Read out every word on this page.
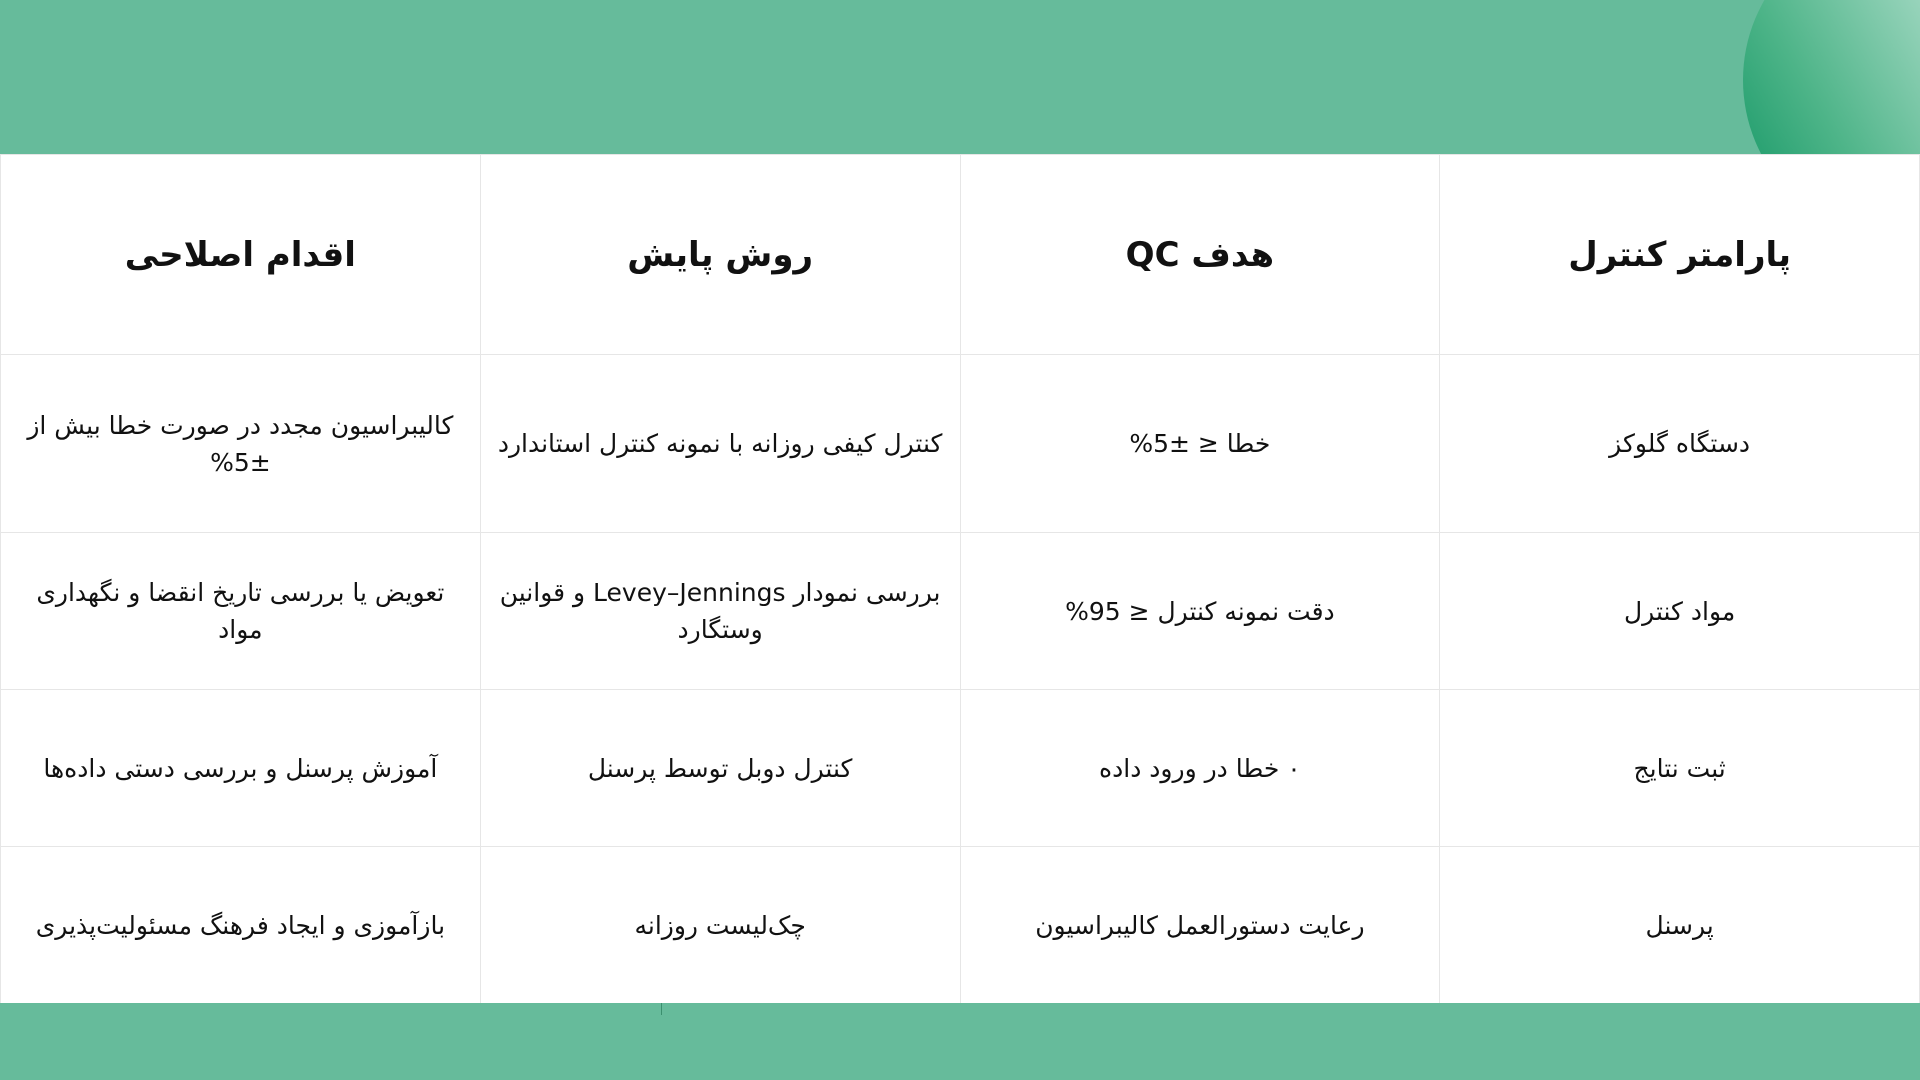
پارامتر کنترل	هدف QC	روش پایش	اقدام اصلاحی
دستگاه گلوکز	خطا ≤ ±5%	کنترل کیفی روزانه با نمونه کنترل استاندارد	کالیبراسیون مجدد در صورت خطا بیش از ±5%
مواد کنترل	دقت نمونه کنترل ≤ 95%	بررسی نمودار Levey–Jennings و قوانین وستگارد	تعویض یا بررسی تاریخ انقضا و نگهداری مواد
ثبت نتایج	۰ خطا در ورود داده	کنترل دوبل توسط پرسنل	آموزش پرسنل و بررسی دستی داده‌ها
پرسنل	رعایت دستورالعمل کالیبراسیون	چک‌لیست روزانه	بازآموزی و ایجاد فرهنگ مسئولیت‌پذیری
